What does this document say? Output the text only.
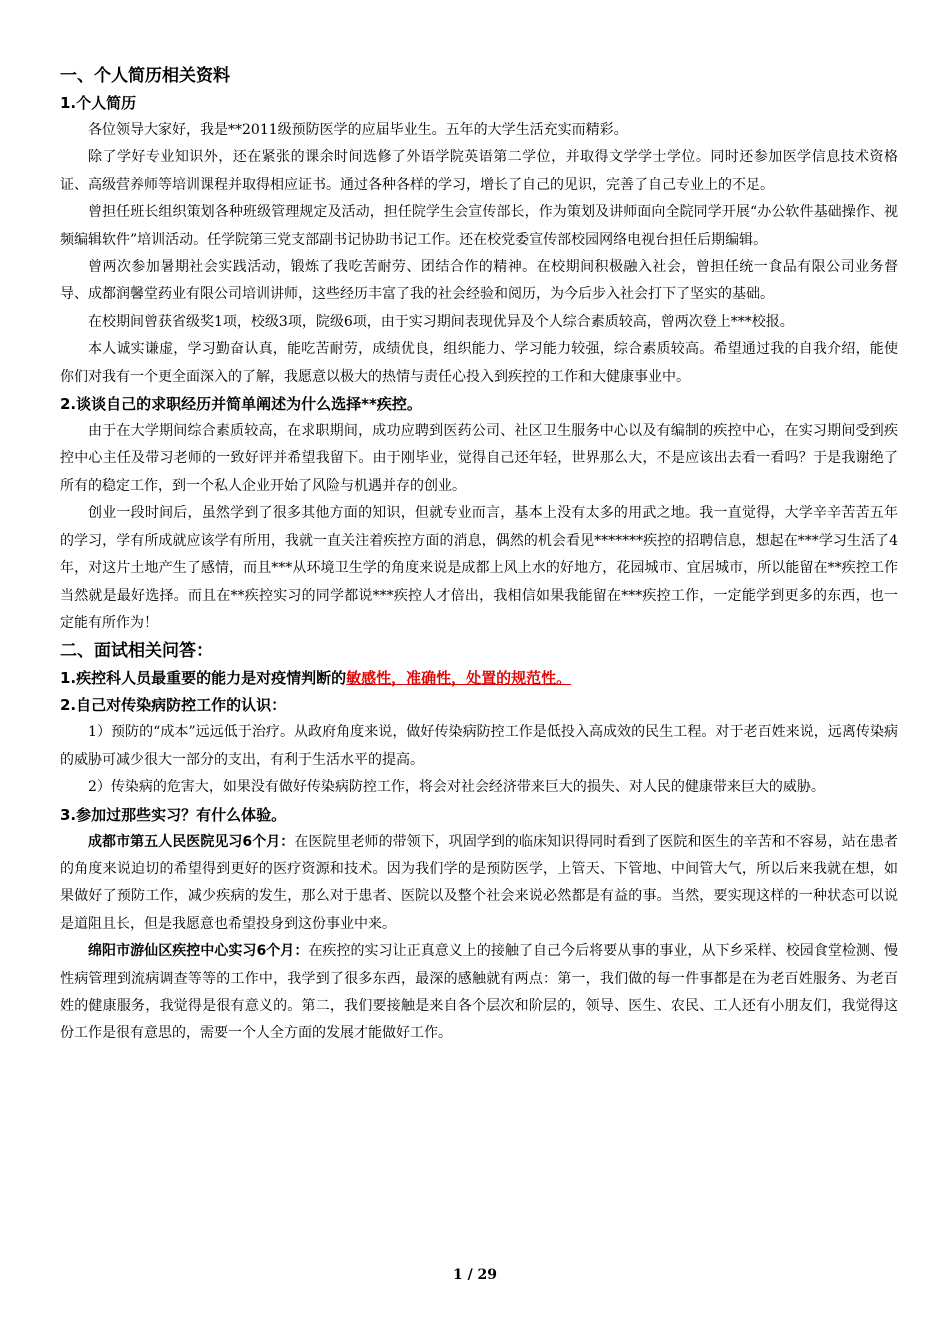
一、个人简历相关资料
1.个人简历

各位领导大家好，我是**2011级预防医学的应届毕业生。五年的大学生活充实而精彩。

除了学好专业知识外，还在紧张的课余时间选修了外语学院英语第二学位，并取得文学学士学位。同时还参加医学信息技术资格证、高级营养师等培训课程并取得相应证书。通过各种各样的学习，增长了自己的见识，完善了自己专业上的不足。

曾担任班长组织策划各种班级管理规定及活动，担任院学生会宣传部长，作为策划及讲师面向全院同学开展“办公软件基础操作、视频编辑软件”培训活动。任学院第三党支部副书记协助书记工作。还在校党委宣传部校园网络电视台担任后期编辑。

曾两次参加暑期社会实践活动，锻炼了我吃苦耐劳、团结合作的精神。在校期间积极融入社会，曾担任统一食品有限公司业务督导、成都润馨堂药业有限公司培训讲师，这些经历丰富了我的社会经验和阅历，为今后步入社会打下了坚实的基础。

在校期间曾获省级奖1项，校级3项，院级6项，由于实习期间表现优异及个人综合素质较高，曾两次登上***校报。

本人诚实谦虚，学习勤奋认真，能吃苦耐劳，成绩优良，组织能力、学习能力较强，综合素质较高。希望通过我的自我介绍，能使你们对我有一个更全面深入的了解，我愿意以极大的热情与责任心投入到疾控的工作和大健康事业中。

2.谈谈自己的求职经历并简单阐述为什么选择**疾控。

由于在大学期间综合素质较高，在求职期间，成功应聘到医药公司、社区卫生服务中心以及有编制的疾控中心，在实习期间受到疾控中心主任及带习老师的一致好评并希望我留下。由于刚毕业，觉得自己还年轻，世界那么大，不是应该出去看一看吗？于是我谢绝了所有的稳定工作，到一个私人企业开始了风险与机遇并存的创业。

创业一段时间后，虽然学到了很多其他方面的知识，但就专业而言，基本上没有太多的用武之地。我一直觉得，大学辛辛苦苦五年的学习，学有所成就应该学有所用，我就一直关注着疾控方面的消息，偶然的机会看见*******疾控的招聘信息，想起在***学习生活了4年，对这片土地产生了感情，而且***从环境卫生学的角度来说是成都上风上水的好地方，花园城市、宜居城市，所以能留在**疾控工作当然就是最好选择。而且在**疾控实习的同学都说***疾控人才倍出，我相信如果我能留在***疾控工作，一定能学到更多的东西，也一定能有所作为！

二、面试相关问答：
1.疾控科人员最重要的能力是对疫情判断的敏感性，准确性，处置的规范性。
2.自己对传染病防控工作的认识：

1）预防的“成本”远远低于治疗。从政府角度来说，做好传染病防控工作是低投入高成效的民生工程。对于老百姓来说，远离传染病的威胁可减少很大一部分的支出，有利于生活水平的提高。

2）传染病的危害大，如果没有做好传染病防控工作，将会对社会经济带来巨大的损失、对人民的健康带来巨大的威胁。

3.参加过那些实习？有什么体验。

成都市第五人民医院见习6个月：在医院里老师的带领下，巩固学到的临床知识得同时看到了医院和医生的辛苦和不容易，站在患者的角度来说迫切的希望得到更好的医疗资源和技术。因为我们学的是预防医学，上管天、下管地、中间管大气，所以后来我就在想，如果做好了预防工作，减少疾病的发生，那么对于患者、医院以及整个社会来说必然都是有益的事。当然，要实现这样的一种状态可以说是道阻且长，但是我愿意也希望投身到这份事业中来。

绵阳市游仙区疾控中心实习6个月：在疾控的实习让正真意义上的接触了自己今后将要从事的事业，从下乡采样、校园食堂检测、慢性病管理到流病调查等等的工作中，我学到了很多东西，最深的感触就有两点：第一，我们做的每一件事都是在为老百姓服务、为老百姓的健康服务，我觉得是很有意义的。第二，我们要接触是来自各个层次和阶层的，领导、医生、农民、工人还有小朋友们，我觉得这份工作是很有意思的，需要一个人全方面的发展才能做好工作。

1 / 29
